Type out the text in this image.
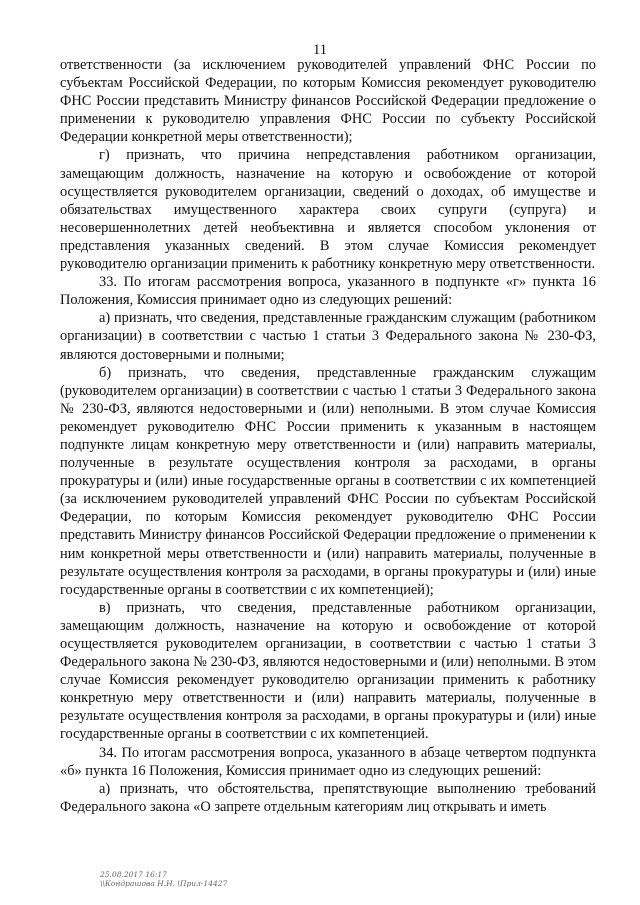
11

ответственности (за исключением руководителей управлений ФНС России по субъектам Российской Федерации, по которым Комиссия рекомендует руководителю ФНС России представить Министру финансов Российской Федерации предложение о применении к руководителю управления ФНС России по субъекту Российской Федерации конкретной меры ответственности);

г) признать, что причина непредставления работником организации, замещающим должность, назначение на которую и освобождение от которой осуществляется руководителем организации, сведений о доходах, об имуществе и обязательствах имущественного характера своих супруги (супруга) и несовершеннолетних детей необъективна и является способом уклонения от представления указанных сведений. В этом случае Комиссия рекомендует руководителю организации применить к работнику конкретную меру ответственности.

33. По итогам рассмотрения вопроса, указанного в подпункте «г» пункта 16 Положения, Комиссия принимает одно из следующих решений:

а) признать, что сведения, представленные гражданским служащим (работником организации) в соответствии с частью 1 статьи 3 Федерального закона № 230-ФЗ, являются достоверными и полными;

б) признать, что сведения, представленные гражданским служащим (руководителем организации) в соответствии с частью 1 статьи 3 Федерального закона № 230-ФЗ, являются недостоверными и (или) неполными. В этом случае Комиссия рекомендует руководителю ФНС России применить к указанным в настоящем подпункте лицам конкретную меру ответственности и (или) направить материалы, полученные в результате осуществления контроля за расходами, в органы прокуратуры и (или) иные государственные органы в соответствии с их компетенцией (за исключением руководителей управлений ФНС России по субъектам Российской Федерации, по которым Комиссия рекомендует руководителю ФНС России представить Министру финансов Российской Федерации предложение о применении к ним конкретной меры ответственности и (или) направить материалы, полученные в результате осуществления контроля за расходами, в органы прокуратуры и (или) иные государственные органы в соответствии с их компетенцией);

в) признать, что сведения, представленные работником организации, замещающим должность, назначение на которую и освобождение от которой осуществляется руководителем организации, в соответствии с частью 1 статьи 3 Федерального закона № 230-ФЗ, являются недостоверными и (или) неполными. В этом случае Комиссия рекомендует руководителю организации применить к работнику конкретную меру ответственности и (или) направить материалы, полученные в результате осуществления контроля за расходами, в органы прокуратуры и (или) иные государственные органы в соответствии с их компетенцией.

34. По итогам рассмотрения вопроса, указанного в абзаце четвертом подпункта «б» пункта 16 Положения, Комиссия принимает одно из следующих решений:

а) признать, что обстоятельства, препятствующие выполнению требований Федерального закона «О запрете отдельным категориям лиц открывать и иметь

25.08.2017 16:17
\\Кондрашова Н.Н. \Прил-14427
